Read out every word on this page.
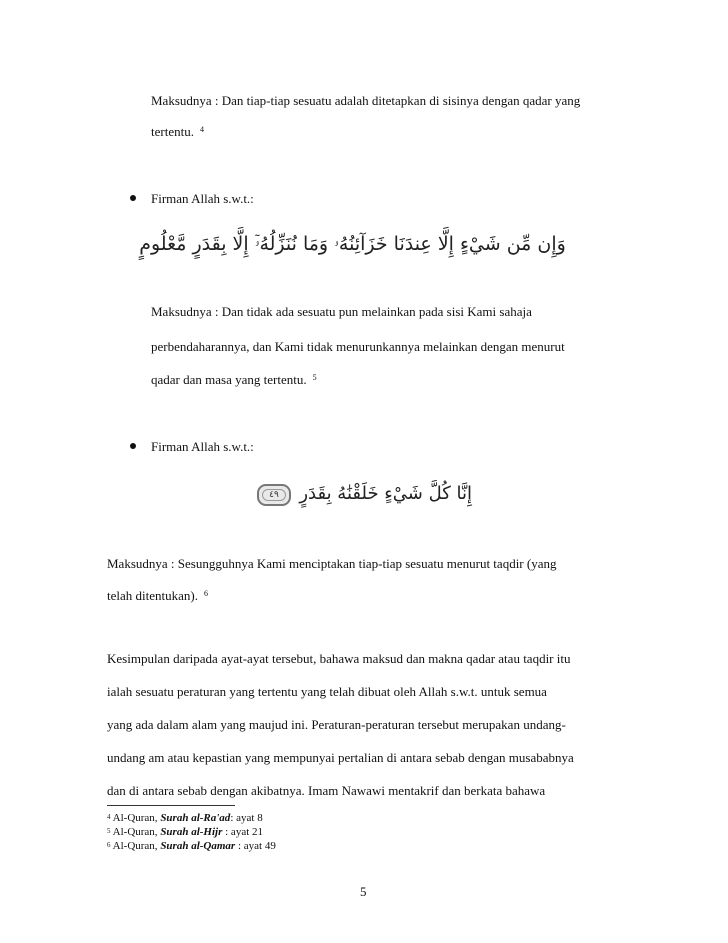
Maksudnya : Dan tiap-tiap sesuatu adalah ditetapkan di sisinya dengan qadar yang
tertentu. $^4$
Firman Allah s.w.t.:
وَإِن مِّن شَيْءٍ إِلَّا عِندَنَا خَزَآئِنُهُۥ وَمَا نُنَزِّلُهُۥٓ إِلَّا بِقَدَرٍ مَّعْلُومٍ
Maksudnya : Dan tidak ada sesuatu pun melainkan pada sisi Kami sahaja
perbendaharannya, dan Kami tidak menurunkannya melainkan dengan menurut
qadar dan masa yang tertentu. $^5$
Firman Allah s.w.t.:
٤٩	إِنَّا كُلَّ شَيْءٍ خَلَقْنَٰهُ بِقَدَرٍ
Maksudnya : Sesungguhnya Kami menciptakan tiap-tiap sesuatu menurut taqdir (yang
telah ditentukan). $^6$
Kesimpulan daripada ayat-ayat tersebut, bahawa maksud dan makna qadar atau taqdir itu
ialah sesuatu peraturan yang tertentu yang telah dibuat oleh Allah s.w.t. untuk semua
yang ada dalam alam yang maujud ini. Peraturan-peraturan tersebut merupakan undang-
undang am atau kepastian yang mempunyai pertalian di antara sebab dengan musababnya
dan di antara sebab dengan akibatnya. Imam Nawawi mentakrif dan berkata bahawa
$^4$ Al-Quran, Surah al-Ra'ad: ayat 8
$^5$ Al-Quran, Surah al-Hijr : ayat 21
$^6$ Al-Quran, Surah al-Qamar : ayat 49
5
